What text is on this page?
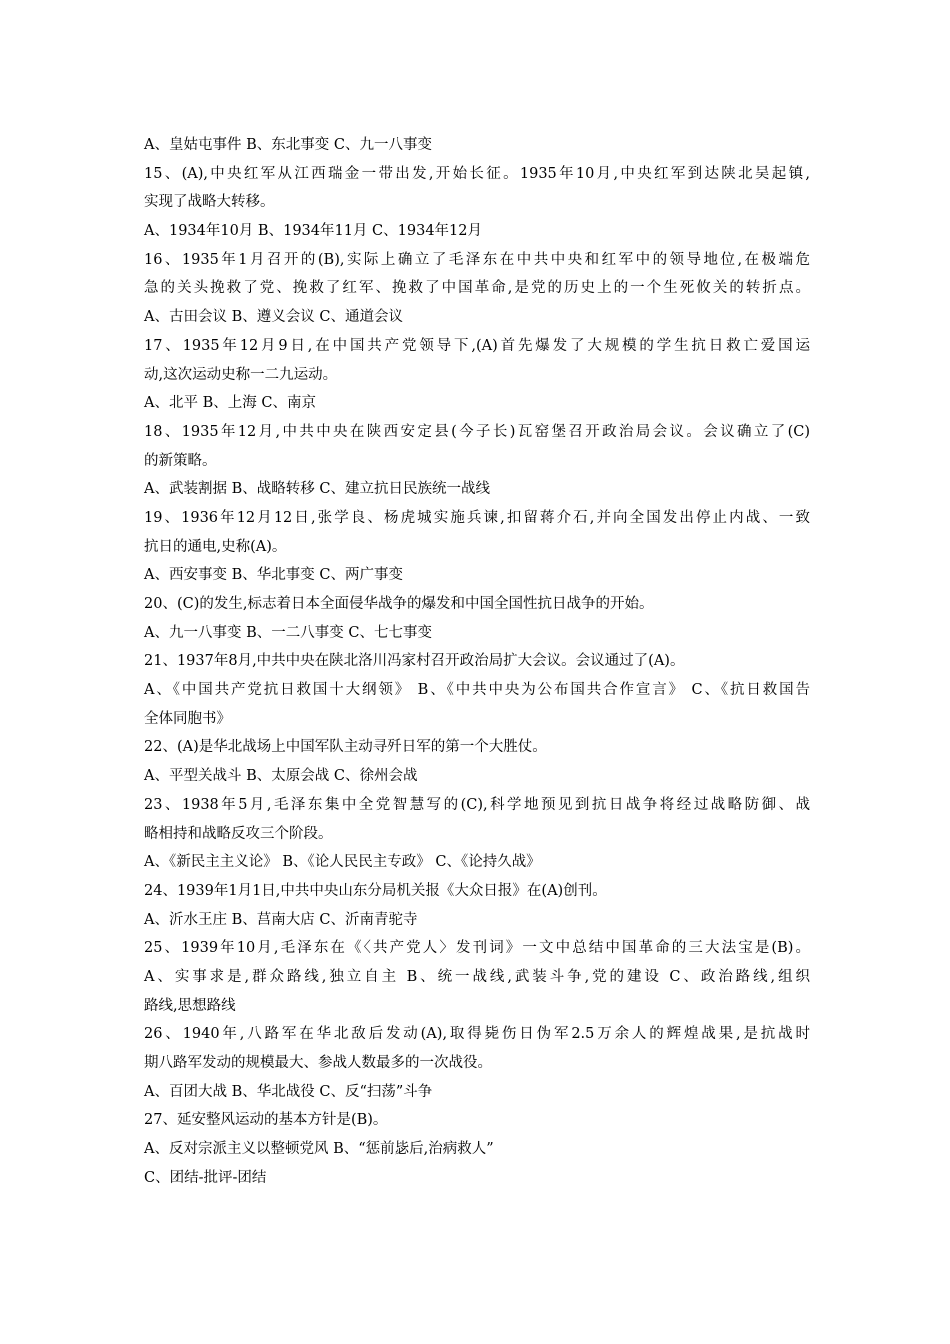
A、皇姑屯事件 B、东北事变 C、九一八事变
15、(A),中央红军从江西瑞金一带出发,开始长征。1935年10月,中央红军到达陕北吴起镇,
实现了战略大转移。
A、1934年10月 B、1934年11月 C、1934年12月
16、1935年1月召开的(B),实际上确立了毛泽东在中共中央和红军中的领导地位,在极端危
急的关头挽救了党、挽救了红军、挽救了中国革命,是党的历史上的一个生死攸关的转折点。
A、古田会议 B、遵义会议 C、通道会议
17、1935年12月9日,在中国共产党领导下,(A)首先爆发了大规模的学生抗日救亡爱国运
动,这次运动史称一二九运动。
A、北平 B、上海 C、南京
18、1935年12月,中共中央在陕西安定县(今子长)瓦窑堡召开政治局会议。会议确立了(C)
的新策略。
A、武装割据 B、战略转移 C、建立抗日民族统一战线
19、1936年12月12日,张学良、杨虎城实施兵谏,扣留蒋介石,并向全国发出停止内战、一致
抗日的通电,史称(A)。
A、西安事变 B、华北事变 C、两广事变
20、(C)的发生,标志着日本全面侵华战争的爆发和中国全国性抗日战争的开始。
A、九一八事变 B、一二八事变 C、七七事变
21、1937年8月,中共中央在陕北洛川冯家村召开政治局扩大会议。会议通过了(A)。
A、《中国共产党抗日救国十大纲领》 B、《中共中央为公布国共合作宣言》 C、《抗日救国告
全体同胞书》
22、(A)是华北战场上中国军队主动寻歼日军的第一个大胜仗。
A、平型关战斗 B、太原会战 C、徐州会战
23、1938年5月,毛泽东集中全党智慧写的(C),科学地预见到抗日战争将经过战略防御、战
略相持和战略反攻三个阶段。
A、《新民主主义论》 B、《论人民民主专政》 C、《论持久战》
24、1939年1月1日,中共中央山东分局机关报《大众日报》在(A)创刊。
A、沂水王庄 B、莒南大店 C、沂南青驼寺
25、1939年10月,毛泽东在《〈共产党人〉发刊词》一文中总结中国革命的三大法宝是(B)。
A、实事求是,群众路线,独立自主 B、统一战线,武装斗争,党的建设 C、政治路线,组织
路线,思想路线
26、1940年,八路军在华北敌后发动(A),取得毙伤日伪军2.5万余人的辉煌战果,是抗战时
期八路军发动的规模最大、参战人数最多的一次战役。
A、百团大战 B、华北战役 C、反“扫荡”斗争
27、延安整风运动的基本方针是(B)。
A、反对宗派主义以整顿党风 B、“惩前毖后,治病救人”
C、团结-批评-团结
